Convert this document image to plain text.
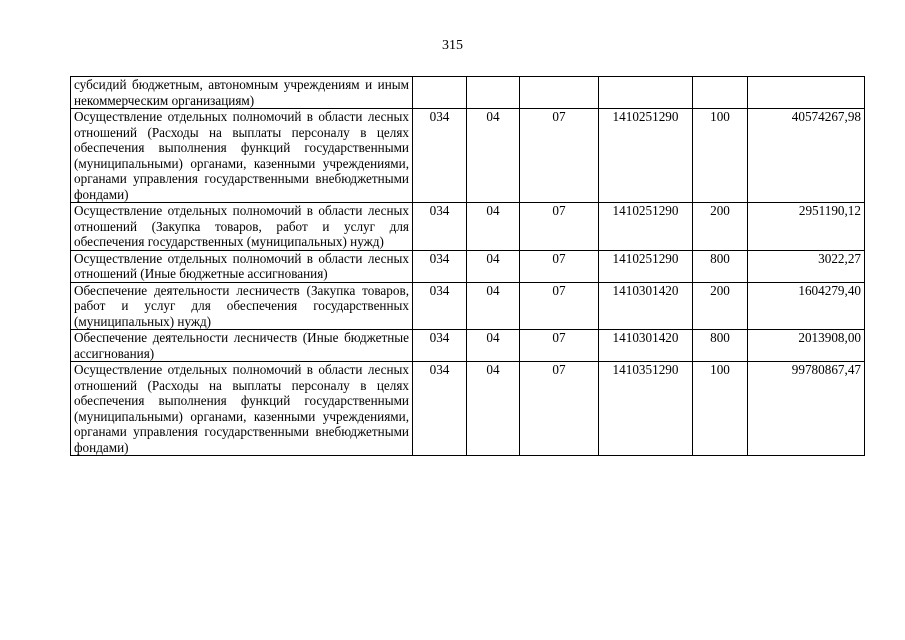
315
субсидий бюджетным, автономным учреждениям и иным некоммерческим организациям)						
Осуществление отдельных полномочий в области лесных отношений (Расходы на выплаты персоналу в целях обеспечения выполнения функций государственными (муниципальными) органами, казенными учреждениями, органами управления государственными внебюджетными фондами)	034	04	07	1410251290	100	40574267,98
Осуществление отдельных полномочий в области лесных отношений (Закупка товаров, работ и услуг для обеспечения государственных (муниципальных) нужд)	034	04	07	1410251290	200	2951190,12
Осуществление отдельных полномочий в области лесных отношений (Иные бюджетные ассигнования)	034	04	07	1410251290	800	3022,27
Обеспечение деятельности лесничеств (Закупка товаров, работ и услуг для обеспечения государственных (муниципальных) нужд)	034	04	07	1410301420	200	1604279,40
Обеспечение деятельности лесничеств (Иные бюджетные ассигнования)	034	04	07	1410301420	800	2013908,00
Осуществление отдельных полномочий в области лесных отношений (Расходы на выплаты персоналу в целях обеспечения выполнения функций государственными (муниципальными) органами, казенными учреждениями, органами управления государственными внебюджетными фондами)	034	04	07	1410351290	100	99780867,47
